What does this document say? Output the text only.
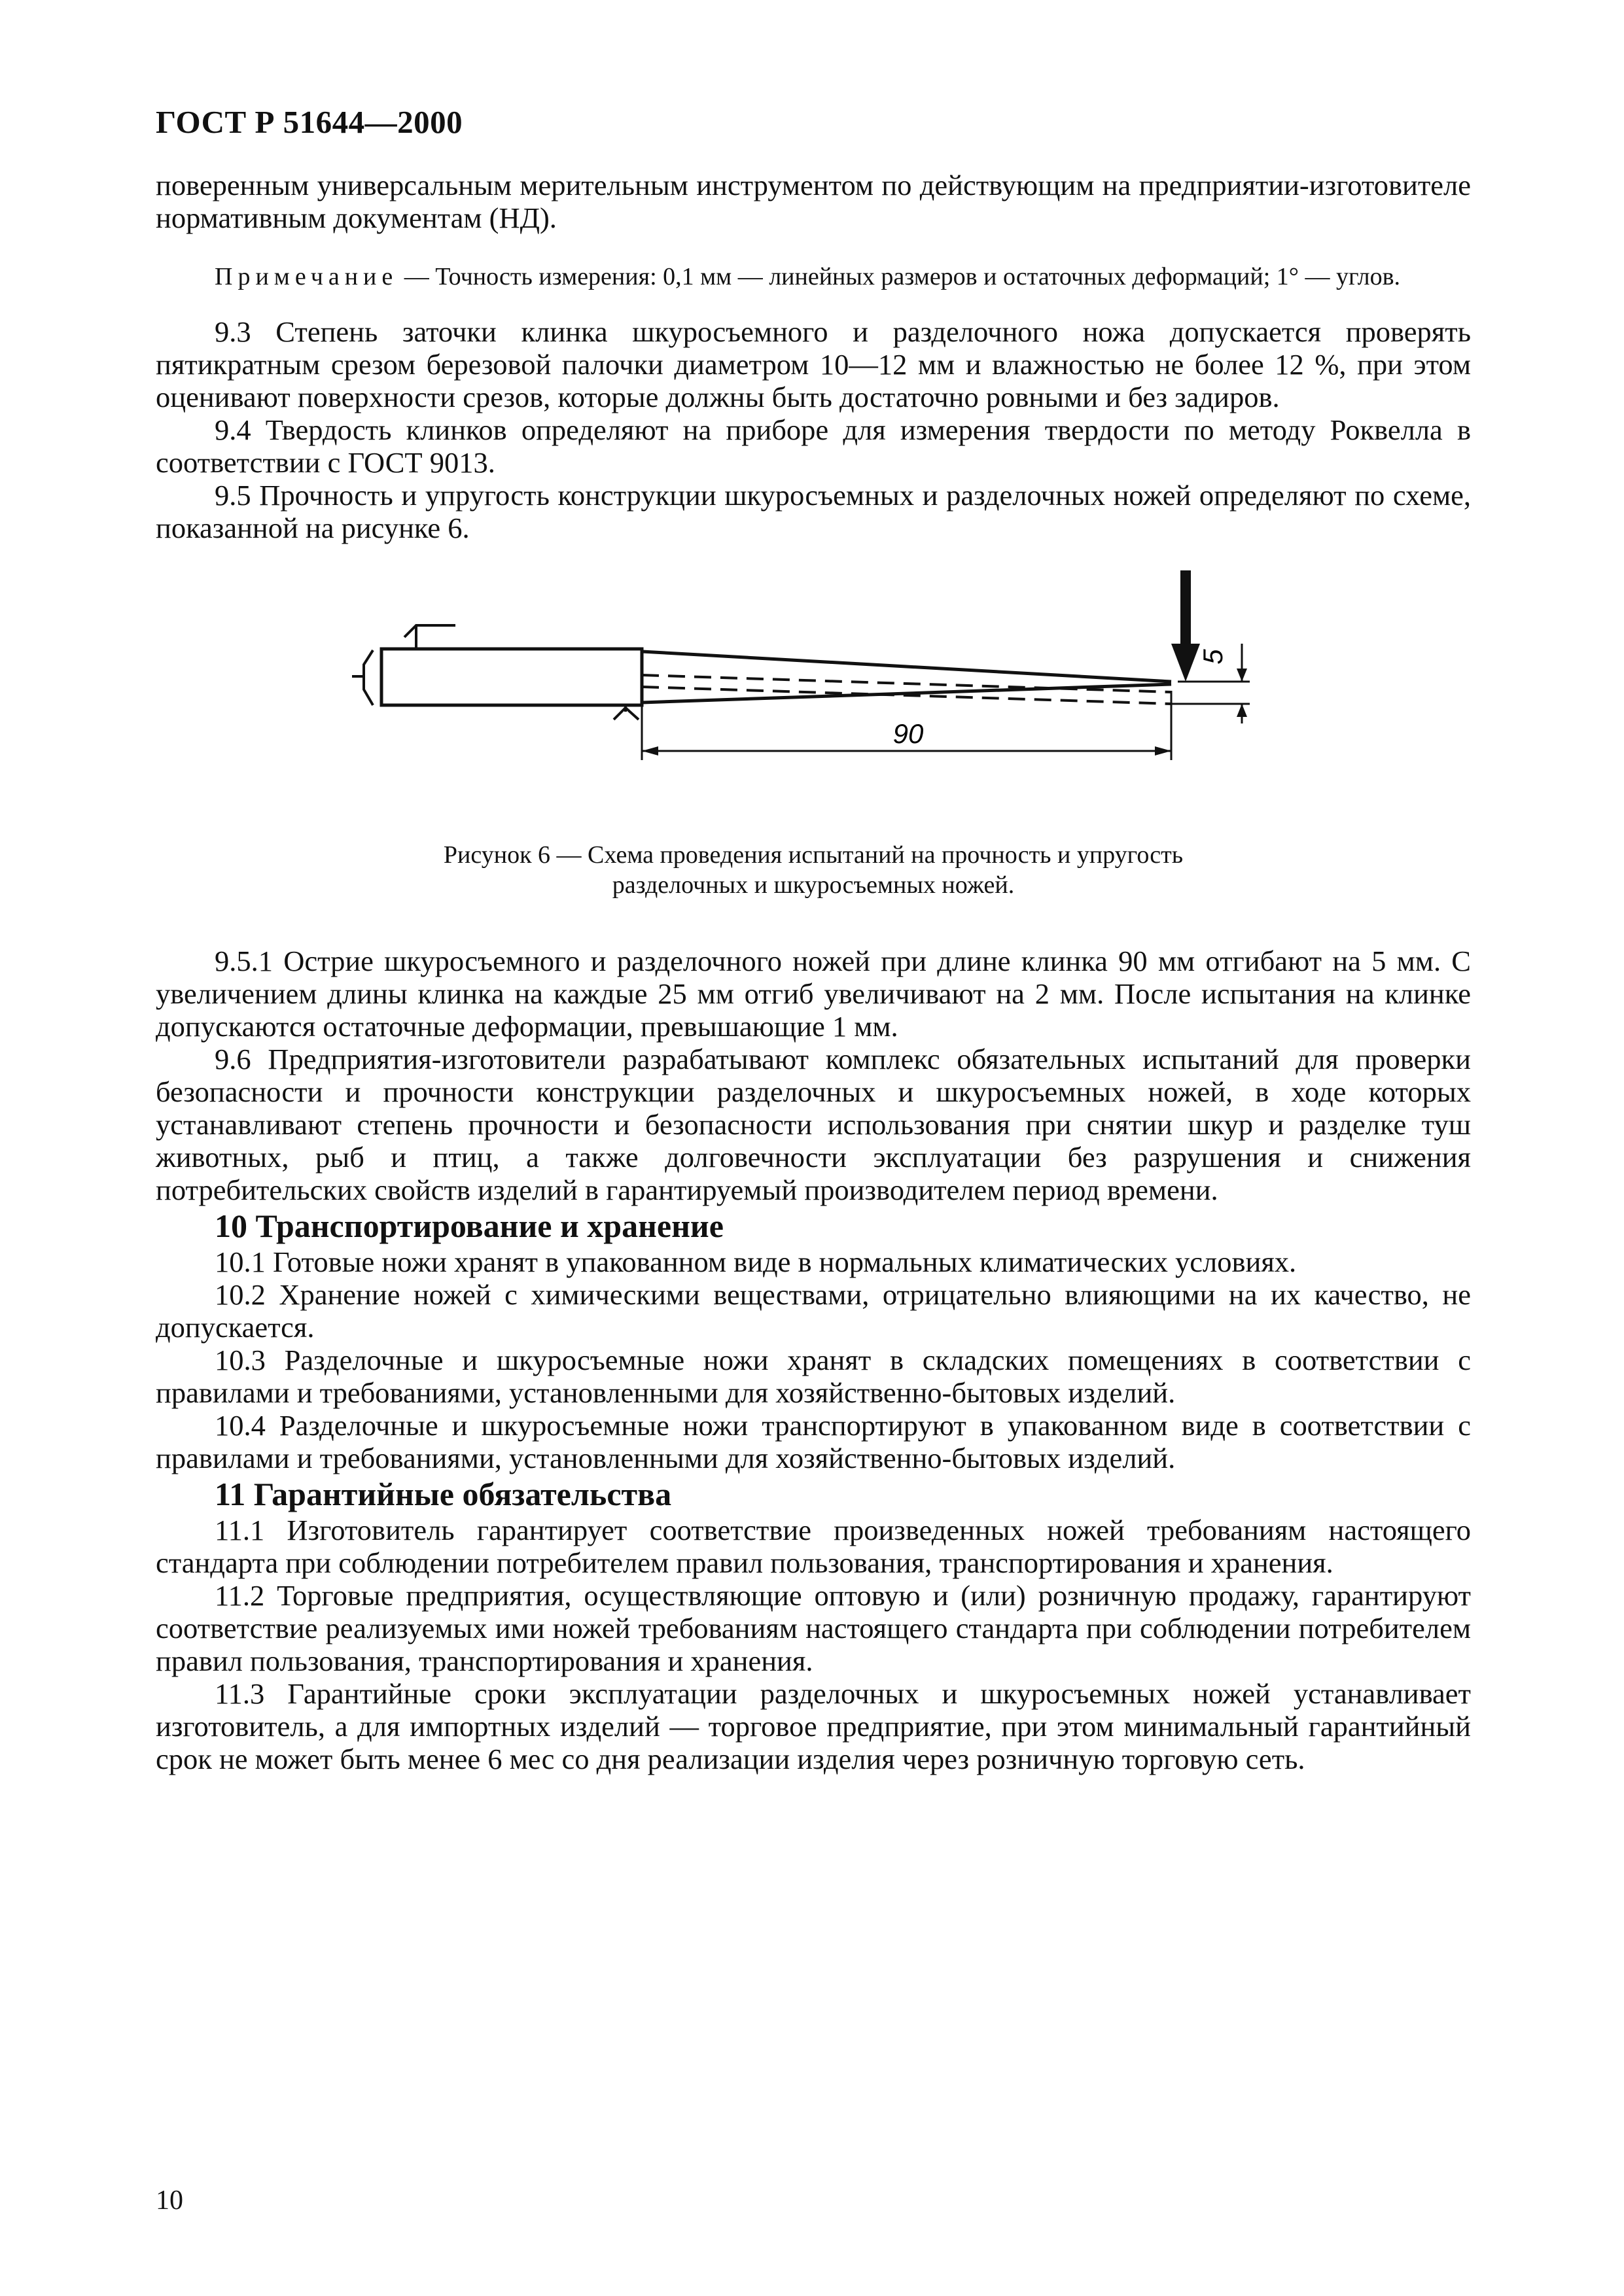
ГОСТ Р 51644—2000

поверенным универсальным мерительным инструментом по действующим на предприятии-изготовителе нормативным документам (НД).

Примечание — Точность измерения: 0,1 мм — линейных размеров и остаточных деформаций; 1° — углов.

9.3 Степень заточки клинка шкуросъемного и разделочного ножа допускается проверять пятикратным срезом березовой палочки диаметром 10—12 мм и влажностью не более 12 %, при этом оценивают поверхности срезов, которые должны быть достаточно ровными и без задиров.

9.4 Твердость клинков определяют на приборе для измерения твердости по методу Роквелла в соответствии с ГОСТ 9013.

9.5 Прочность и упругость конструкции шкуросъемных и разделочных ножей определяют по схеме, показанной на рисунке 6.

5
90
Рисунок 6 — Схема проведения испытаний на прочность и упругость
разделочных и шкуросъемных ножей.

9.5.1 Острие шкуросъемного и разделочного ножей при длине клинка 90 мм отгибают на 5 мм. С увеличением длины клинка на каждые 25 мм отгиб увеличивают на 2 мм. После испытания на клинке допускаются остаточные деформации, превышающие 1 мм.

9.6 Предприятия-изготовители разрабатывают комплекс обязательных испытаний для проверки безопасности и прочности конструкции разделочных и шкуросъемных ножей, в ходе которых устанавливают степень прочности и безопасности использования при снятии шкур и разделке туш животных, рыб и птиц, а также долговечности эксплуатации без разрушения и снижения потребительских свойств изделий в гарантируемый производителем период времени.

10 Транспортирование и хранение

10.1 Готовые ножи хранят в упакованном виде в нормальных климатических условиях.

10.2 Хранение ножей с химическими веществами, отрицательно влияющими на их качество, не допускается.

10.3 Разделочные и шкуросъемные ножи хранят в складских помещениях в соответствии с правилами и требованиями, установленными для хозяйственно-бытовых изделий.

10.4 Разделочные и шкуросъемные ножи транспортируют в упакованном виде в соответствии с правилами и требованиями, установленными для хозяйственно-бытовых изделий.

11 Гарантийные обязательства

11.1 Изготовитель гарантирует соответствие произведенных ножей требованиям настоящего стандарта при соблюдении потребителем правил пользования, транспортирования и хранения.

11.2 Торговые предприятия, осуществляющие оптовую и (или) розничную продажу, гарантируют соответствие реализуемых ими ножей требованиям настоящего стандарта при соблюдении потребителем правил пользования, транспортирования и хранения.

11.3 Гарантийные сроки эксплуатации разделочных и шкуросъемных ножей устанавливает изготовитель, а для импортных изделий — торговое предприятие, при этом минимальный гарантийный срок не может быть менее 6 мес со дня реализации изделия через розничную торговую сеть.

10
